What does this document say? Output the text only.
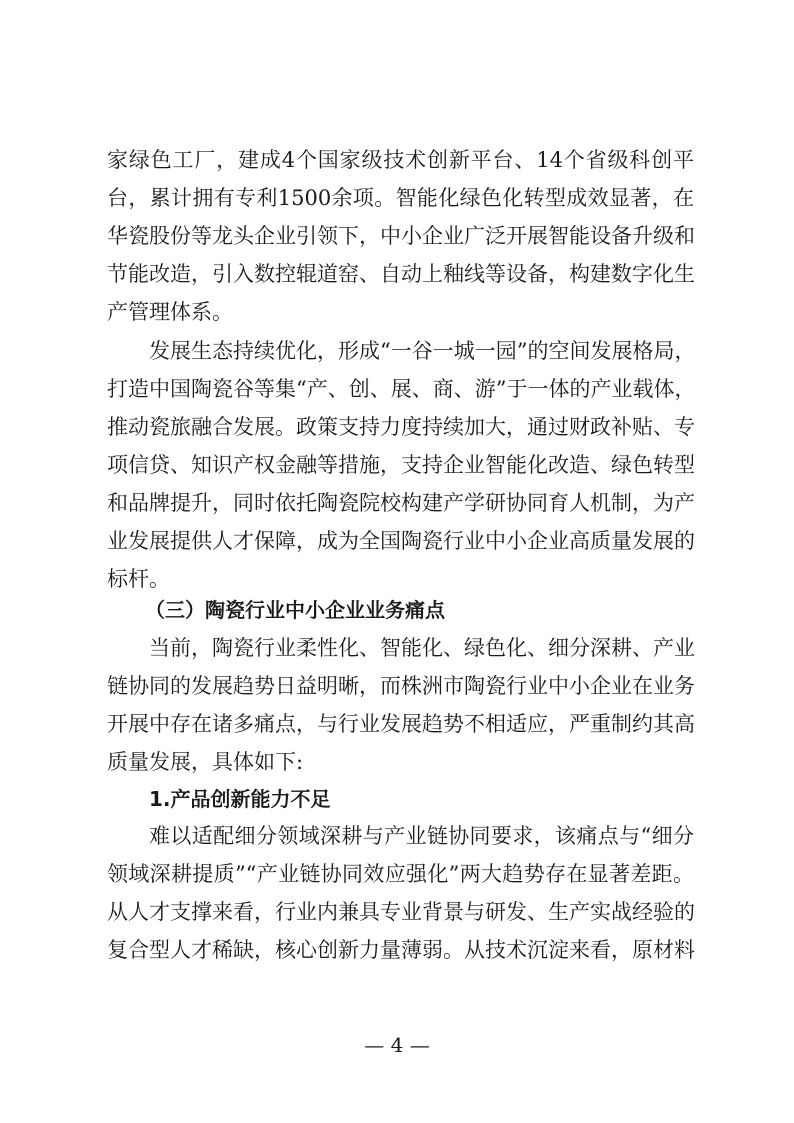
家绿色工厂，建成4个国家级技术创新平台、14个省级科创平
台，累计拥有专利1500余项。智能化绿色化转型成效显著，在
华瓷股份等龙头企业引领下，中小企业广泛开展智能设备升级和
节能改造，引入数控辊道窑、自动上釉线等设备，构建数字化生
产管理体系。
发展生态持续优化，形成“一谷一城一园”的空间发展格局，
打造中国陶瓷谷等集“产、创、展、商、游”于一体的产业载体，
推动瓷旅融合发展。政策支持力度持续加大，通过财政补贴、专
项信贷、知识产权金融等措施，支持企业智能化改造、绿色转型
和品牌提升，同时依托陶瓷院校构建产学研协同育人机制，为产
业发展提供人才保障，成为全国陶瓷行业中小企业高质量发展的
标杆。
（三）陶瓷行业中小企业业务痛点
当前，陶瓷行业柔性化、智能化、绿色化、细分深耕、产业
链协同的发展趋势日益明晰，而株洲市陶瓷行业中小企业在业务
开展中存在诸多痛点，与行业发展趋势不相适应，严重制约其高
质量发展，具体如下:
1.产品创新能力不足
难以适配细分领域深耕与产业链协同要求，该痛点与“细分
领域深耕提质”“产业链协同效应强化”两大趋势存在显著差距。
从人才支撑来看，行业内兼具专业背景与研发、生产实战经验的
复合型人才稀缺，核心创新力量薄弱。从技术沉淀来看，原材料
— 4 —
